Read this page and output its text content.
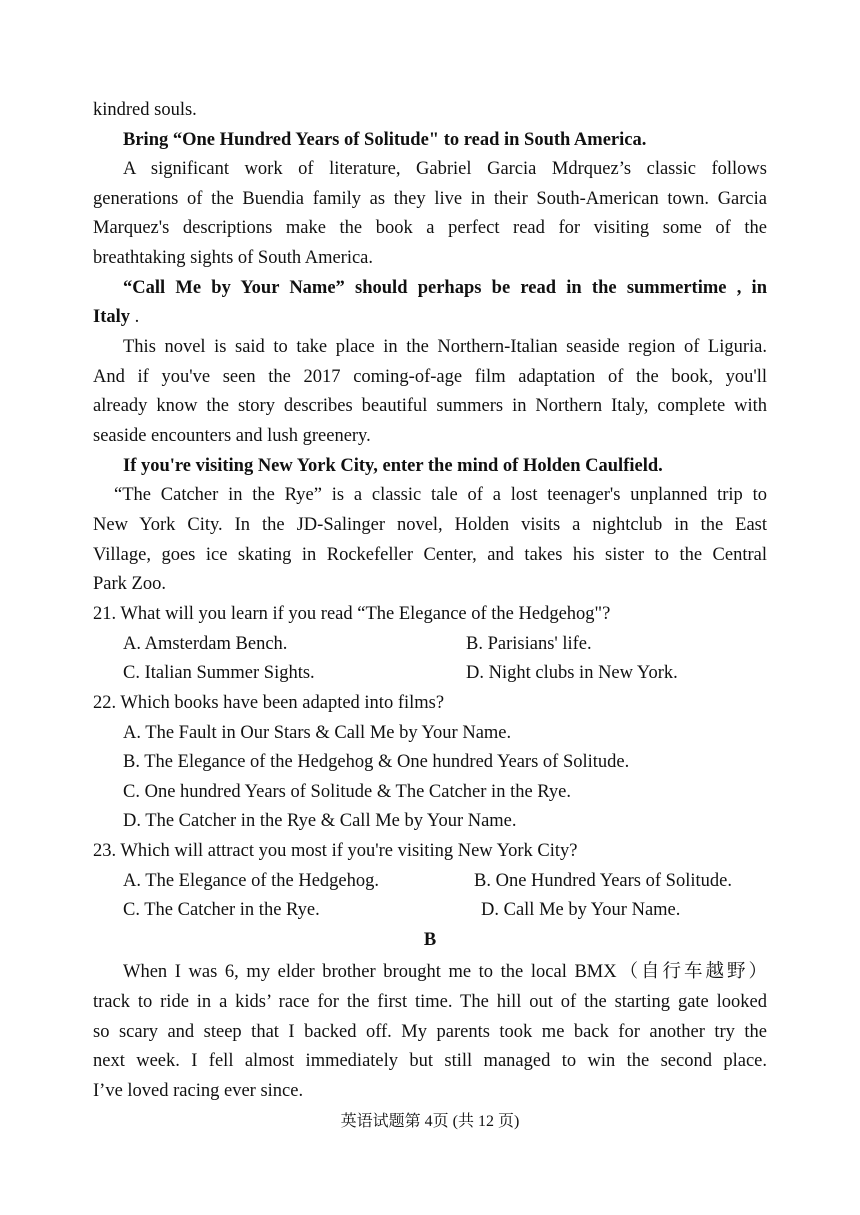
kindred souls.
Bring “One Hundred Years of Solitude" to read in South America.
A significant work of literature, Gabriel Garcia Mdrquez’s classic follows
generations of the Buendia family as they live in their South-American town. Garcia
Marquez's descriptions make the book a perfect read for visiting some of the
breathtaking sights of South America.
“Call Me by Your Name” should perhaps be read in the summertime , in
Italy .
This novel is said to take place in the Northern-Italian seaside region of Liguria.
And if you've seen the 2017 coming-of-age film adaptation of the book, you'll
already know the story describes beautiful summers in Northern Italy, complete with
seaside encounters and lush greenery.
If you're visiting New York City, enter the mind of Holden Caulfield.
“The Catcher in the Rye” is a classic tale of a lost teenager's unplanned trip to
New York City. In the JD-Salinger novel, Holden visits a nightclub in the East
Village, goes ice skating in Rockefeller Center, and takes his sister to the Central
Park Zoo.
21. What will you learn if you read “The Elegance of the Hedgehog"?
A. Amsterdam Bench.	B. Parisians' life.
C. Italian Summer Sights.	D. Night clubs in New York.
22. Which books have been adapted into films?
A. The Fault in Our Stars & Call Me by Your Name.
B. The Elegance of the Hedgehog & One hundred Years of Solitude.
C. One hundred Years of Solitude & The Catcher in the Rye.
D. The Catcher in the Rye & Call Me by Your Name.
23. Which will attract you most if you're visiting New York City?
A. The Elegance of the Hedgehog.	B. One Hundred Years of Solitude.
C. The Catcher in the Rye.	D. Call Me by Your Name.
B
When I was 6, my elder brother brought me to the local BMX（自行车越野）
track to ride in a kids’ race for the first time. The hill out of the starting gate looked
so scary and steep that I backed off. My parents took me back for another try the
next week. I fell almost immediately but still managed to win the second place.
I’ve loved racing ever since.
英语试题第 4页 (共 12 页)
